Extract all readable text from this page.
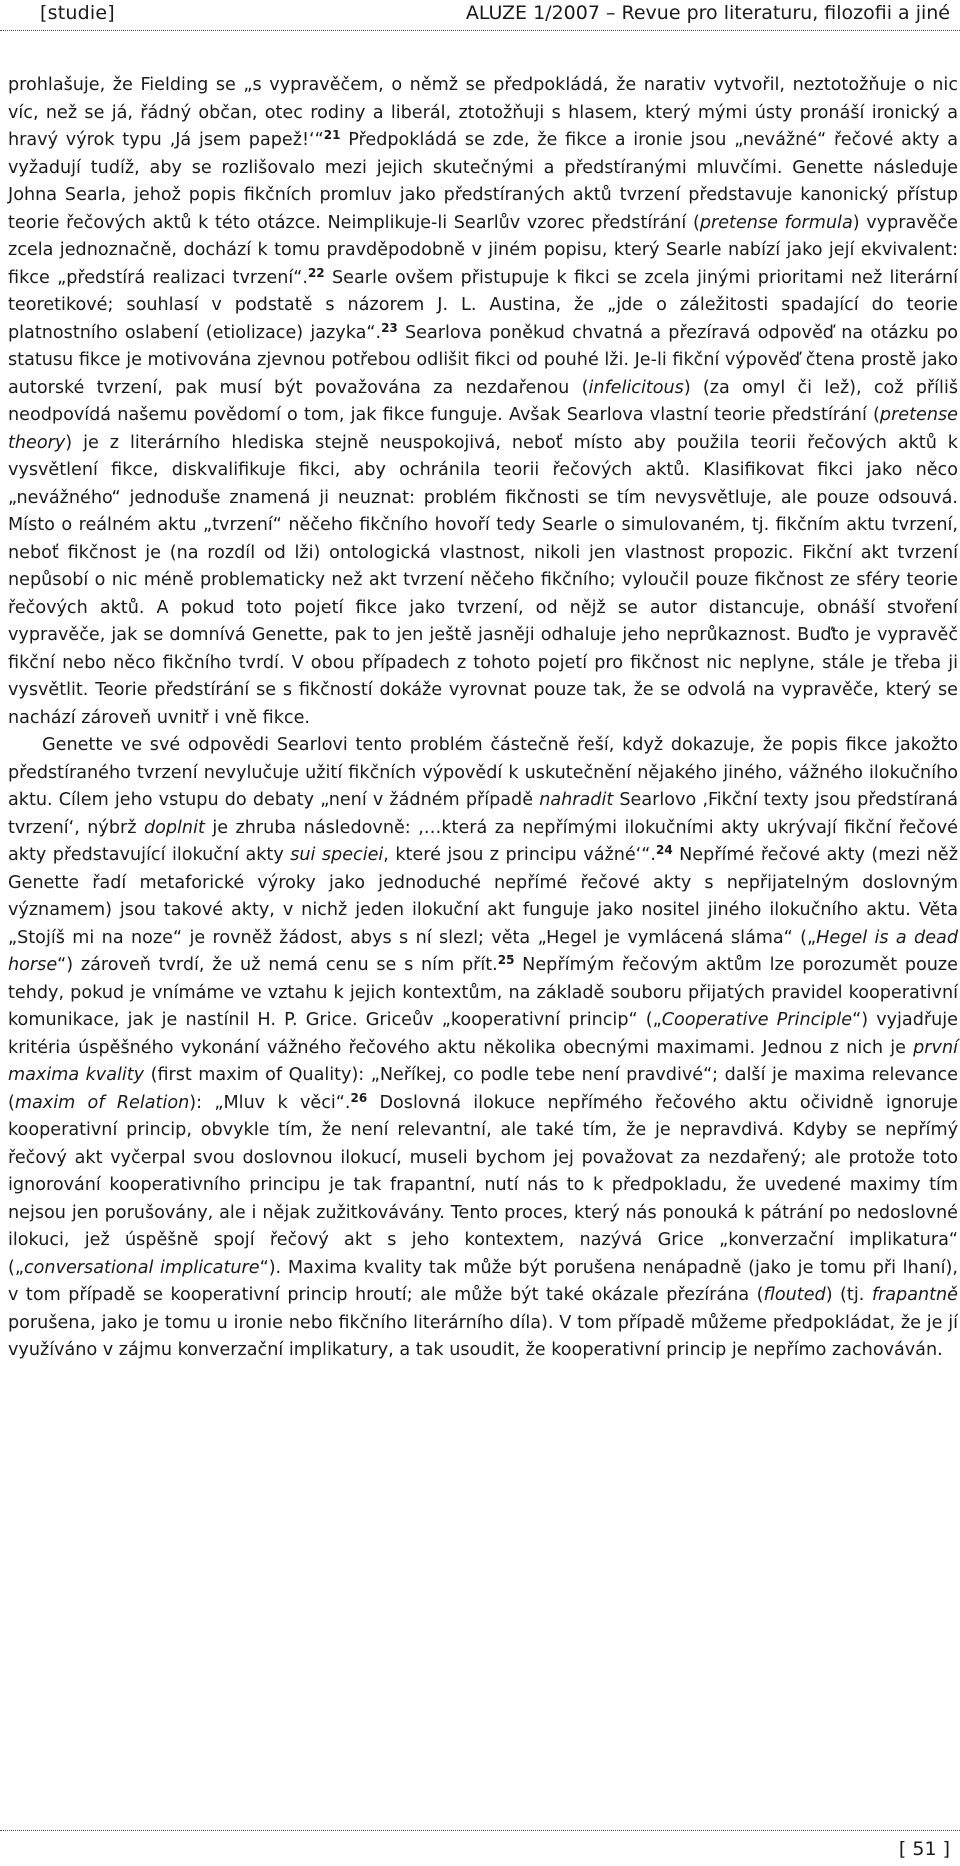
[studie]	ALUZE 1/2007 – Revue pro literaturu, filozofii a jiné

prohlašuje, že Fielding se „s vypravěčem, o němž se předpokládá, že narativ vytvořil, neztotožňuje o nic víc, než se já, řádný občan, otec rodiny a liberál, ztotožňuji s hlasem, který mými ústy pronáší ironický a hravý výrok typu ‚Já jsem papež!‘“$^{21}$ Předpokládá se zde, že fikce a ironie jsou „nevážné“ řečové akty a vyžadují tudíž, aby se rozlišovalo mezi jejich skutečnými a předstíranými mluvčími. Genette následuje Johna Searla, jehož popis fikčních promluv jako předstíraných aktů tvrzení představuje kanonický přístup teorie řečových aktů k této otázce. Neimplikuje-li Searlův vzorec předstírání (pretense formula) vypravěče zcela jednoznačně, dochází k tomu pravděpodobně v jiném popisu, který Searle nabízí jako její ekvivalent: fikce „předstírá realizaci tvrzení“.$^{22}$ Searle ovšem přistupuje k fikci se zcela jinými prioritami než literární teoretikové; souhlasí v podstatě s názorem J. L. Austina, že „jde o záležitosti spadající do teorie platnostního oslabení (etiolizace) jazyka“.$^{23}$ Searlova poněkud chvatná a přezíravá odpověď na otázku po statusu fikce je motivována zjevnou potřebou odlišit fikci od pouhé lži. Je-li fikční výpověď čtena prostě jako autorské tvrzení, pak musí být považována za nezdařenou (infelicitous) (za omyl či lež), což příliš neodpovídá našemu povědomí o tom, jak fikce funguje. Avšak Searlova vlastní teorie předstírání (pretense theory) je z literárního hlediska stejně neuspokojivá, neboť místo aby použila teorii řečových aktů k vysvětlení fikce, diskvalifikuje fikci, aby ochránila teorii řečových aktů. Klasifikovat fikci jako něco „nevážného“ jednoduše znamená ji neuznat: problém fikčnosti se tím nevysvětluje, ale pouze odsouvá. Místo o reálném aktu „tvrzení“ něčeho fikčního hovoří tedy Searle o simulovaném, tj. fikčním aktu tvrzení, neboť fikčnost je (na rozdíl od lži) ontologická vlastnost, nikoli jen vlastnost propozic. Fikční akt tvrzení nepůsobí o nic méně problematicky než akt tvrzení něčeho fikčního; vyloučil pouze fikčnost ze sféry teorie řečových aktů. A pokud toto pojetí fikce jako tvrzení, od nějž se autor distancuje, obnáší stvoření vypravěče, jak se domnívá Genette, pak to jen ještě jasněji odhaluje jeho neprůkaznost. Buďto je vypravěč fikční nebo něco fikčního tvrdí. V obou případech z tohoto pojetí pro fikčnost nic neplyne, stále je třeba ji vysvětlit. Teorie předstírání se s fikčností dokáže vyrovnat pouze tak, že se odvolá na vypravěče, který se nachází zároveň uvnitř i vně fikce.

Genette ve své odpovědi Searlovi tento problém částečně řeší, když dokazuje, že popis fikce jakožto předstíraného tvrzení nevylučuje užití fikčních výpovědí k uskutečnění nějakého jiného, vážného ilokučního aktu. Cílem jeho vstupu do debaty „není v žádném případě nahradit Searlovo ‚Fikční texty jsou předstíraná tvrzení‘, nýbrž doplnit je zhruba následovně: ‚…která za nepřímými ilokučními akty ukrývají fikční řečové akty představující ilokuční akty sui speciei, které jsou z principu vážné‘“.$^{24}$ Nepřímé řečové akty (mezi něž Genette řadí metaforické výroky jako jednoduché nepřímé řečové akty s nepřijatelným doslovným významem) jsou takové akty, v nichž jeden ilokuční akt funguje jako nositel jiného ilokučního aktu. Věta „Stojíš mi na noze“ je rovněž žádost, abys s ní slezl; věta „Hegel je vymlácená sláma“ („Hegel is a dead horse“) zároveň tvrdí, že už nemá cenu se s ním přít.$^{25}$ Nepřímým řečovým aktům lze porozumět pouze tehdy, pokud je vnímáme ve vztahu k jejich kontextům, na základě souboru přijatých pravidel kooperativní komunikace, jak je nastínil H. P. Grice. Griceův „kooperativní princip“ („Cooperative Principle“) vyjadřuje kritéria úspěšného vykonání vážného řečového aktu několika obecnými maximami. Jednou z nich je první maxima kvality (first maxim of Quality): „Neříkej, co podle tebe není pravdivé“; další je maxima relevance (maxim of Relation): „Mluv k věci“.$^{26}$ Doslovná ilokuce nepřímého řečového aktu očividně ignoruje kooperativní princip, obvykle tím, že není relevantní, ale také tím, že je nepravdivá. Kdyby se nepřímý řečový akt vyčerpal svou doslovnou ilokucí, museli bychom jej považovat za nezdařený; ale protože toto ignorování kooperativního principu je tak frapantní, nutí nás to k předpokladu, že uvedené maximy tím nejsou jen porušovány, ale i nějak zužitkovávány. Tento proces, který nás ponouká k pátrání po nedoslovné ilokuci, jež úspěšně spojí řečový akt s jeho kontextem, nazývá Grice „konverzační implikatura“ („conversational implicature“). Maxima kvality tak může být porušena nenápadně (jako je tomu při lhaní), v tom případě se kooperativní princip hroutí; ale může být také okázale přezírána (flouted) (tj. frapantně porušena, jako je tomu u ironie nebo fikčního literárního díla). V tom případě můžeme předpokládat, že je jí využíváno v zájmu konverzační implikatury, a tak usoudit, že kooperativní princip je nepřímo zachováván.

[ 51 ]
